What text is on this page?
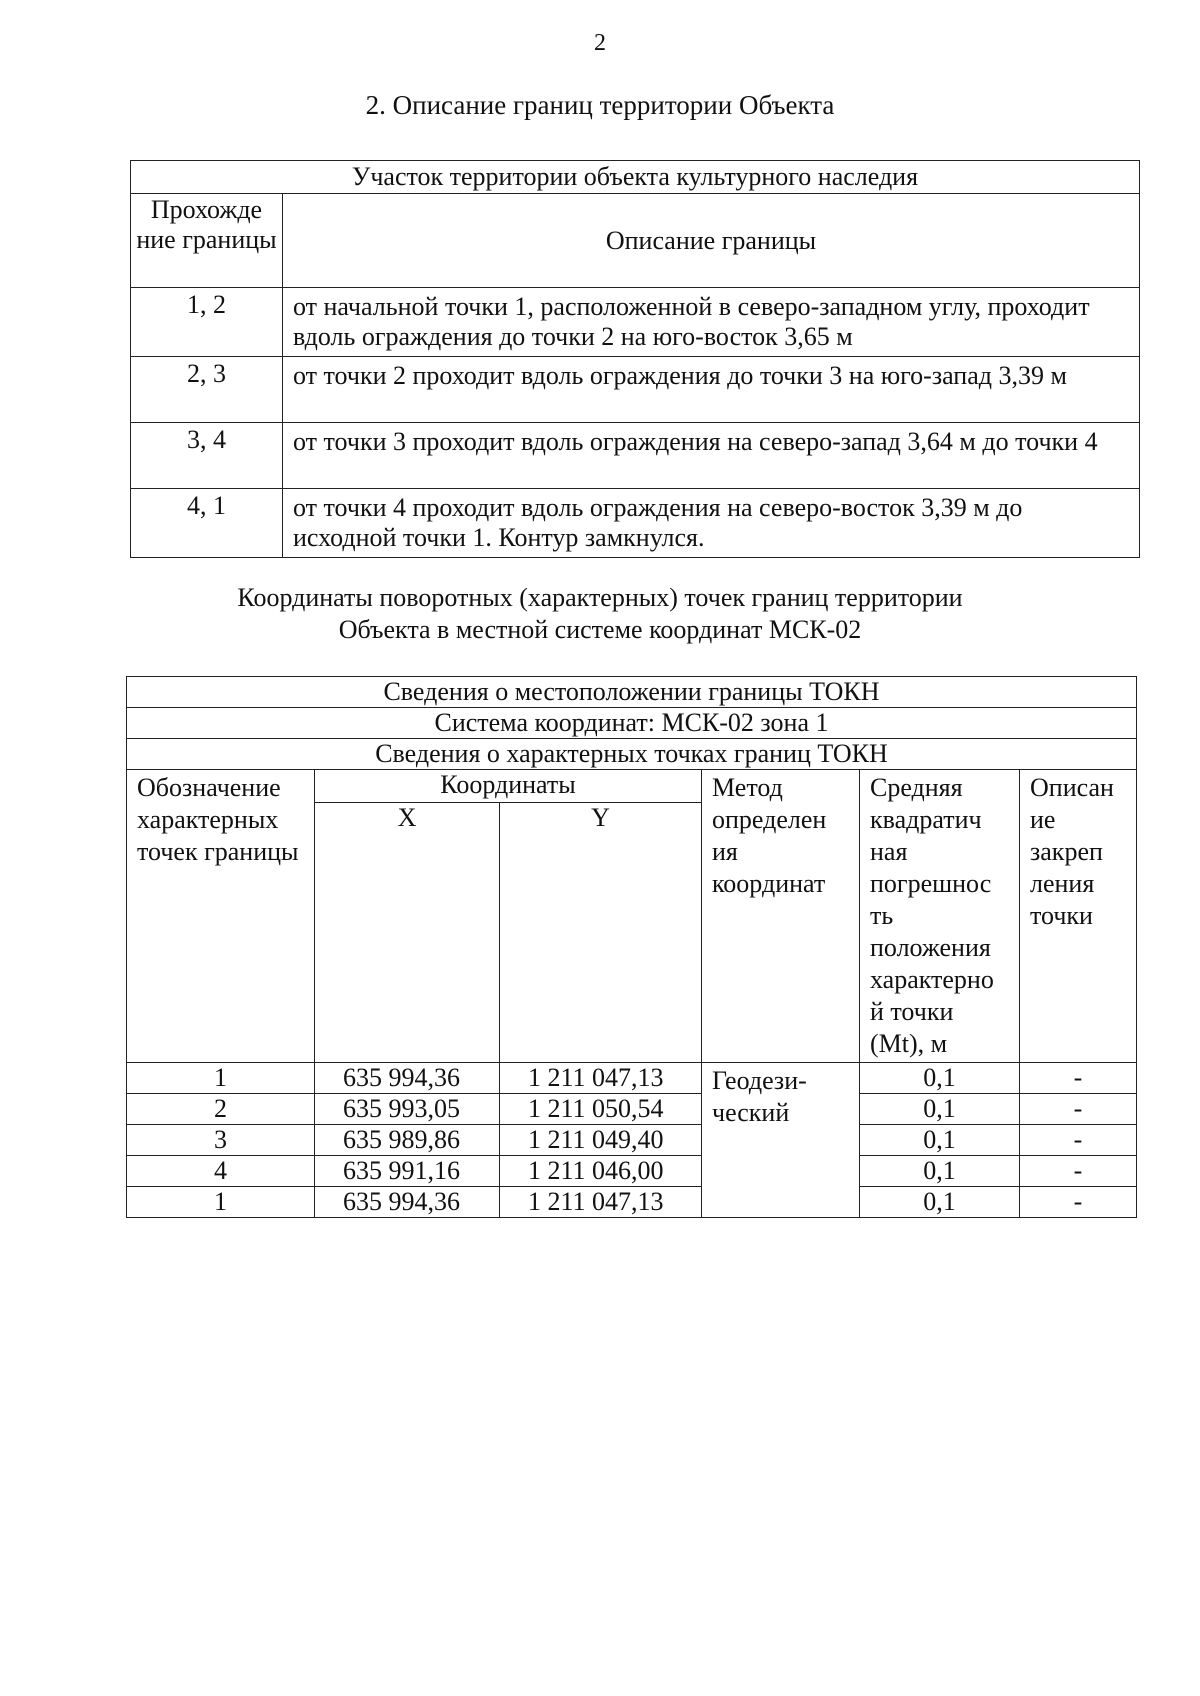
2
2. Описание границ территории Объекта
Участок территории объекта культурного наследия	
Прохожде ние границы	Описание границы
1, 2	от начальной точки 1, расположенной в северо-западном углу, проходит вдоль ограждения до точки 2 на юго-восток 3,65 м
2, 3	от точки 2 проходит вдоль ограждения до точки 3 на юго-запад 3,39 м
3, 4	от точки 3 проходит вдоль ограждения на северо-запад 3,64 м до точки 4
4, 1	от точки 4 проходит вдоль ограждения на северо-восток 3,39 м до исходной точки 1. Контур замкнулся.
Координаты поворотных (характерных) точек границ территории
Объекта в местной системе координат МСК-02
Сведения о местоположении границы ТОКН					
Система координат: МСК-02 зона 1					
Сведения о характерных точках границ ТОКН					
Обозначение характерных точек границы	Координаты		Метод определен ия координат	Средняя квадратич ная погрешнос ть положения характерно й точки (Mt), м	Описан ие закреп ления точки
	X	Y			
1	635 994,36	1 211 047,13	Геодези- ческий	0,1	-
2	635 993,05	1 211 050,54		0,1	-
3	635 989,86	1 211 049,40		0,1	-
4	635 991,16	1 211 046,00		0,1	-
1	635 994,36	1 211 047,13		0,1	-
